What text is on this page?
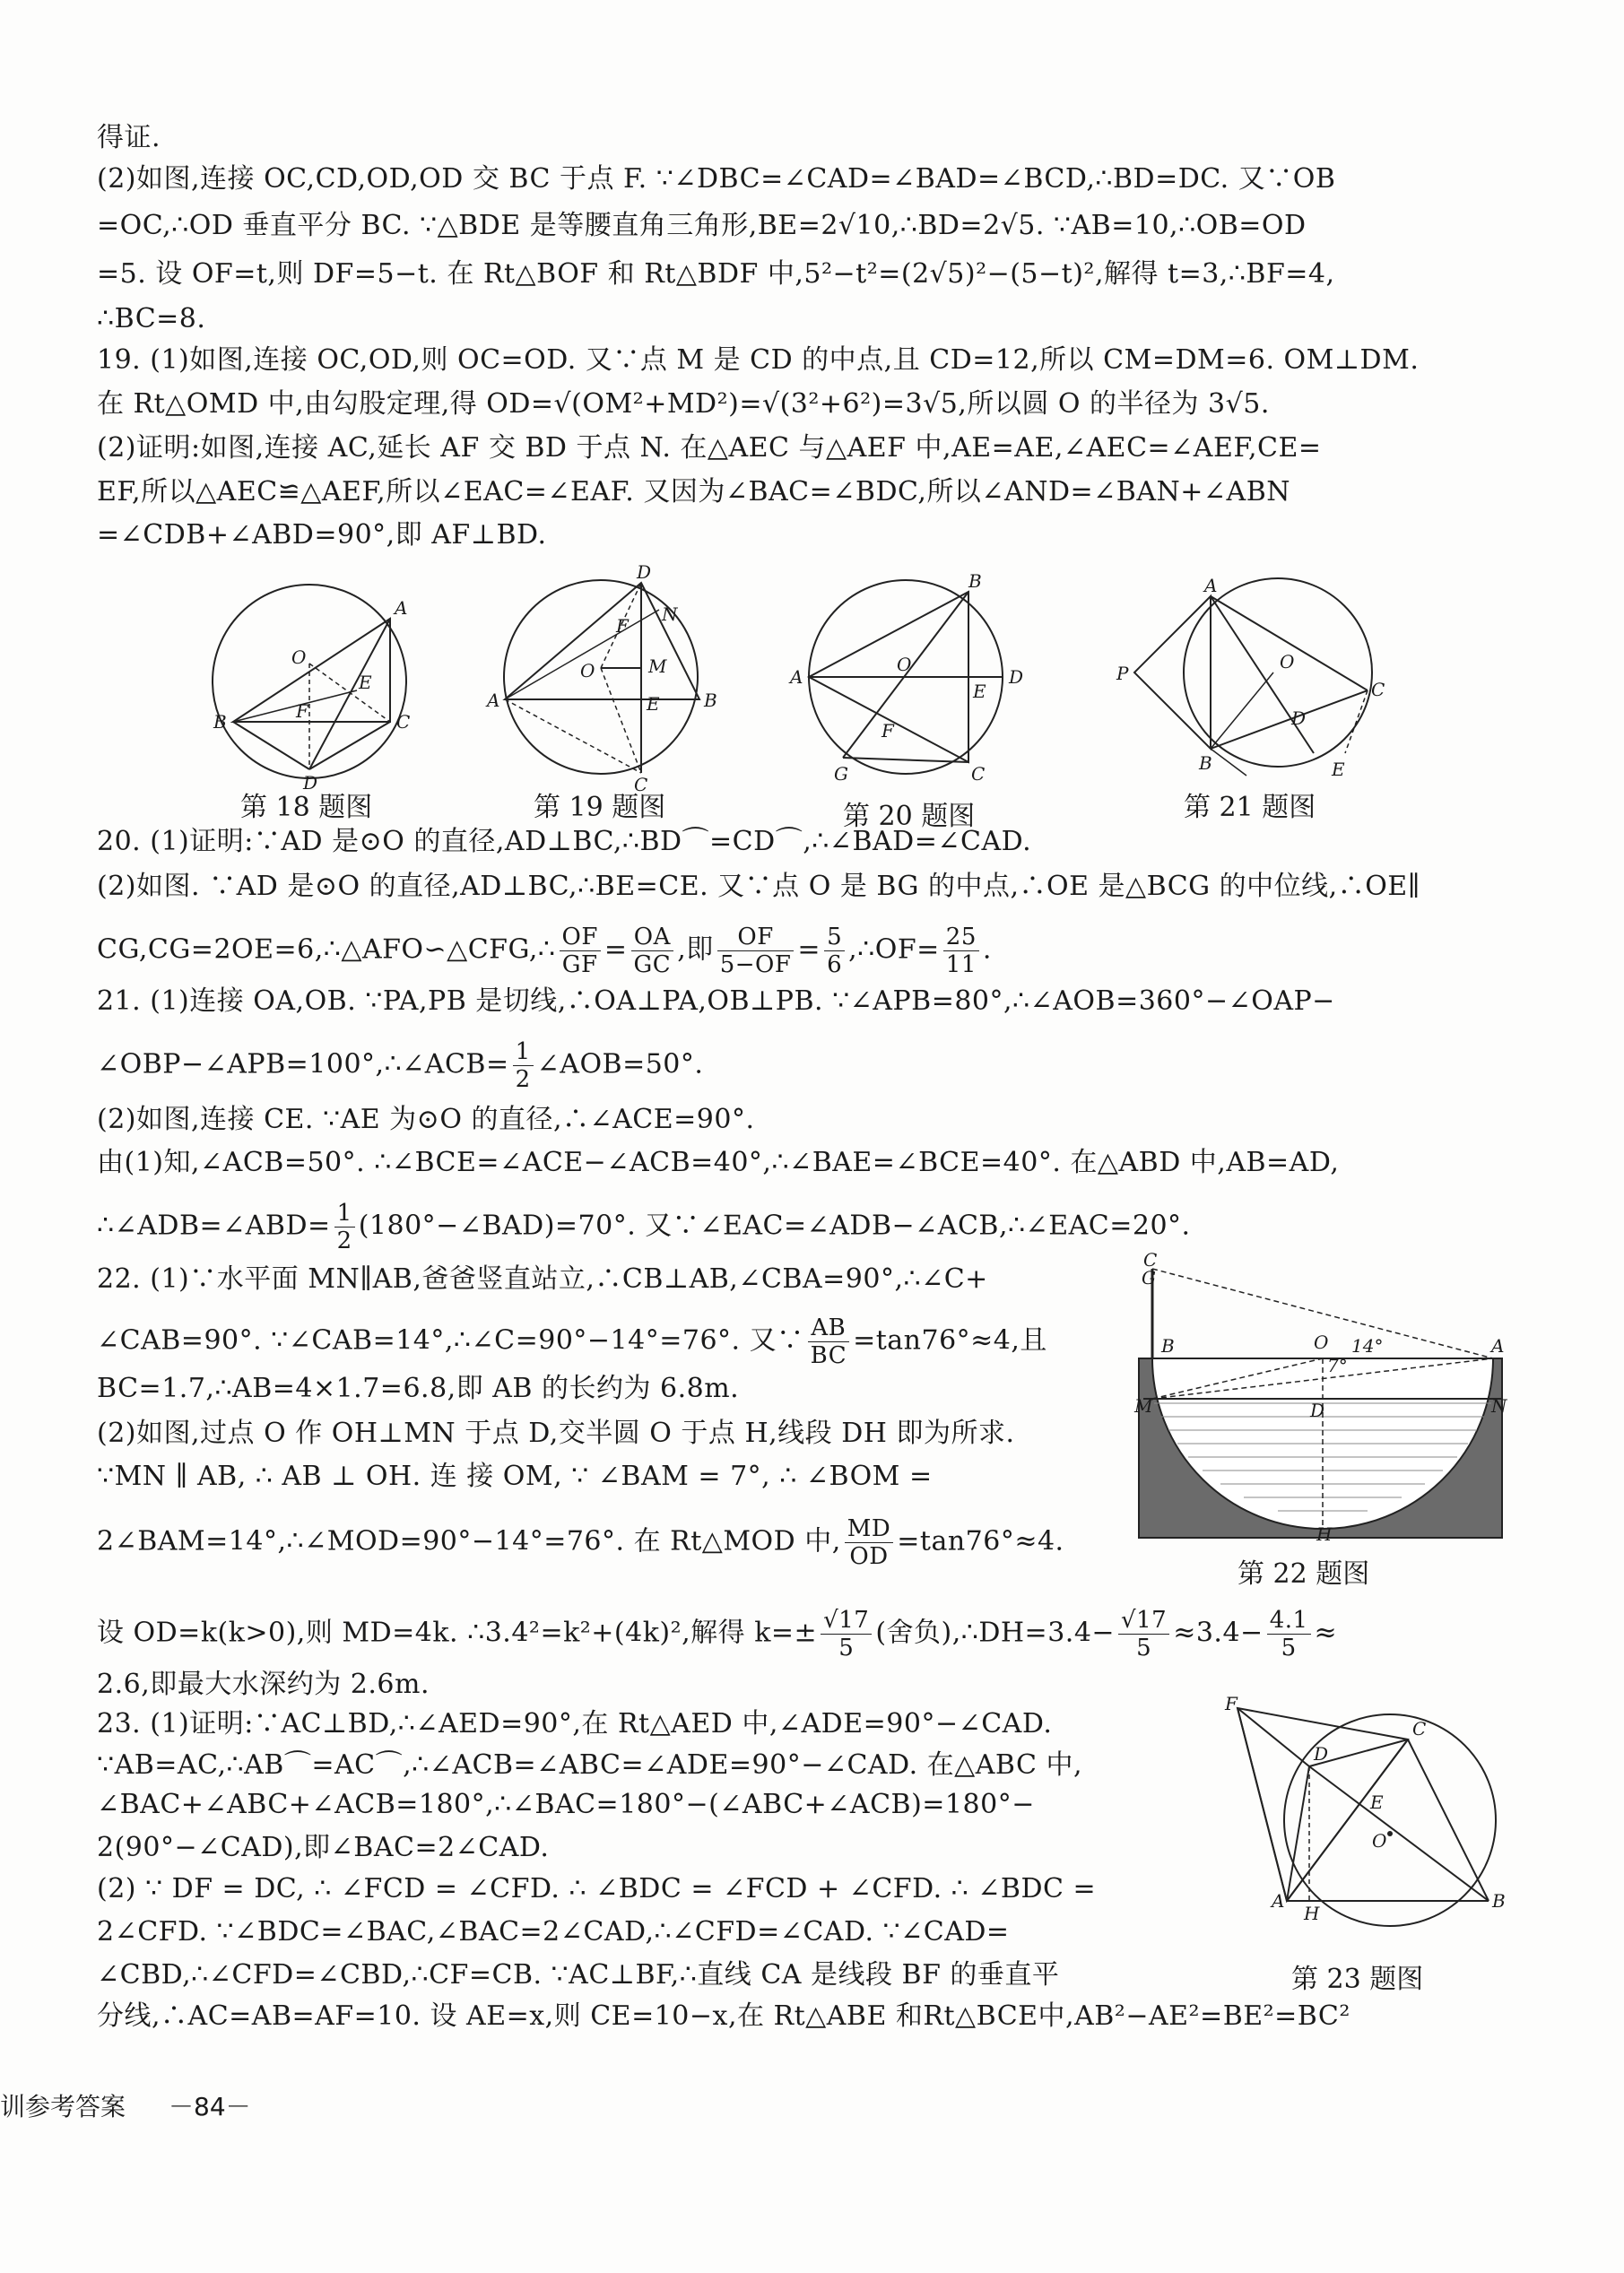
得证.
(2)如图,连接 OC,CD,OD,OD 交 BC 于点 F. ∵∠DBC=∠CAD=∠BAD=∠BCD,∴BD=DC. 又∵OB
=OC,∴OD 垂直平分 BC. ∵△BDE 是等腰直角三角形,BE=2√10,∴BD=2√5. ∵AB=10,∴OB=OD
=5. 设 OF=t,则 DF=5−t. 在 Rt△BOF 和 Rt△BDF 中,5²−t²=(2√5)²−(5−t)²,解得 t=3,∴BF=4,
∴BC=8.
19. (1)如图,连接 OC,OD,则 OC=OD. 又∵点 M 是 CD 的中点,且 CD=12,所以 CM=DM=6. OM⊥DM.
在 Rt△OMD 中,由勾股定理,得 OD=√(OM²+MD²)=√(3²+6²)=3√5,所以圆 O 的半径为 3√5.
(2)证明:如图,连接 AC,延长 AF 交 BD 于点 N. 在△AEC 与△AEF 中,AE=AE,∠AEC=∠AEF,CE=
EF,所以△AEC≌△AEF,所以∠EAC=∠EAF. 又因为∠BAC=∠BDC,所以∠AND=∠BAN+∠ABN
=∠CDB+∠ABD=90°,即 AF⊥BD.
A
O
E
B	F	C
D
第 18 题图
D
F
N
O	M
A	E B
C
第 19 题图
B
O
A
E
D
F
G	C
第 20 题图
A
O
P
C
D
B	E
第 21 题图
20. (1)证明:∵AD 是⊙O 的直径,AD⊥BC,∴BD⌒=CD⌒,∴∠BAD=∠CAD.
(2)如图. ∵AD 是⊙O 的直径,AD⊥BC,∴BE=CE. 又∵点 O 是 BG 的中点,∴OE 是△BCG 的中位线,∴OE∥
CG,CG=2OE=6,∴△AFO∽△CFG,∴ $\frac{OF}{GF} = \frac{OA}{GC}$ ,即 $\frac{OF}{5-OF} = \frac{5}{6}$ ,∴OF= $\frac{25}{11}$ .
21. (1)连接 OA,OB. ∵PA,PB 是切线,∴OA⊥PA,OB⊥PB. ∵∠APB=80°,∴∠AOB=360°−∠OAP−
∠OBP−∠APB=100°,∴∠ACB= $\frac{1}{2}$ ∠AOB=50°.
(2)如图,连接 CE. ∵AE 为⊙O 的直径,∴∠ACE=90°.
由(1)知,∠ACB=50°. ∴∠BCE=∠ACE−∠ACB=40°,∴∠BAE=∠BCE=40°. 在△ABD 中,AB=AD,
∴∠ADB=∠ABD= $\frac{1}{2}$ (180°−∠BAD)=70°. 又∵∠EAC=∠ADB−∠ACB,∴∠EAC=20°.
22. (1)∵水平面 MN∥AB,爸爸竖直站立,∴CB⊥AB,∠CBA=90°,∴∠C+
∠CAB=90°. ∵∠CAB=14°,∴∠C=90°−14°=76°. 又∵ $\frac{AB}{BC} =\tan 76^\circ\approx 4$,且
BC=1.7,∴AB=4×1.7=6.8,即 AB 的长约为 6.8m.
(2)如图,过点 O 作 OH⊥MN 于点 D,交半圆 O 于点 H,线段 DH 即为所求.
∵MN ∥ AB, ∴ AB ⊥ OH. 连 接 OM, ∵ ∠BAM = 7°, ∴ ∠BOM =
2∠BAM=14°,∴∠MOD=90°−14°=76°. 在 Rt△MOD 中, $\frac{MD}{OD} =\tan 76^\circ\approx 4$.
C
G
B	O 14°
7°
A
M	D	N
H
第 22 题图
设 OD=k(k>0),则 MD=4k. ∴3.4²=k²+(4k)²,解得 $k=\pm \frac{√17}{5}$ (舍负),∴DH=3.4− $\frac{√17}{5} \approx 3.4- \frac{4.1}{5}$ ≈
2.6,即最大水深约为 2.6m.
23. (1)证明:∵AC⊥BD,∴∠AED=90°,在 Rt△AED 中,∠ADE=90°−∠CAD.
∵AB=AC,∴AB⌒=AC⌒,∴∠ACB=∠ABC=∠ADE=90°−∠CAD. 在△ABC 中,
∠BAC+∠ABC+∠ACB=180°,∴∠BAC=180°−(∠ABC+∠ACB)=180°−
2(90°−∠CAD),即∠BAC=2∠CAD.
(2) ∵ DF = DC, ∴ ∠FCD = ∠CFD. ∴ ∠BDC = ∠FCD + ∠CFD. ∴ ∠BDC =
2∠CFD. ∵∠BDC=∠BAC,∠BAC=2∠CAD,∴∠CFD=∠CAD. ∵∠CAD=
∠CBD,∴∠CFD=∠CBD,∴CF=CB. ∵AC⊥BF,∴直线 CA 是线段 BF 的垂直平
分线,∴AC=AB=AF=10. 设 AE=x,则 CE=10−x,在 Rt△ABE 和Rt△BCE中,AB²−AE²=BE²=BC²
F
D
C
E
O
A
H
B
第 23 题图
训参考答案 －84－
